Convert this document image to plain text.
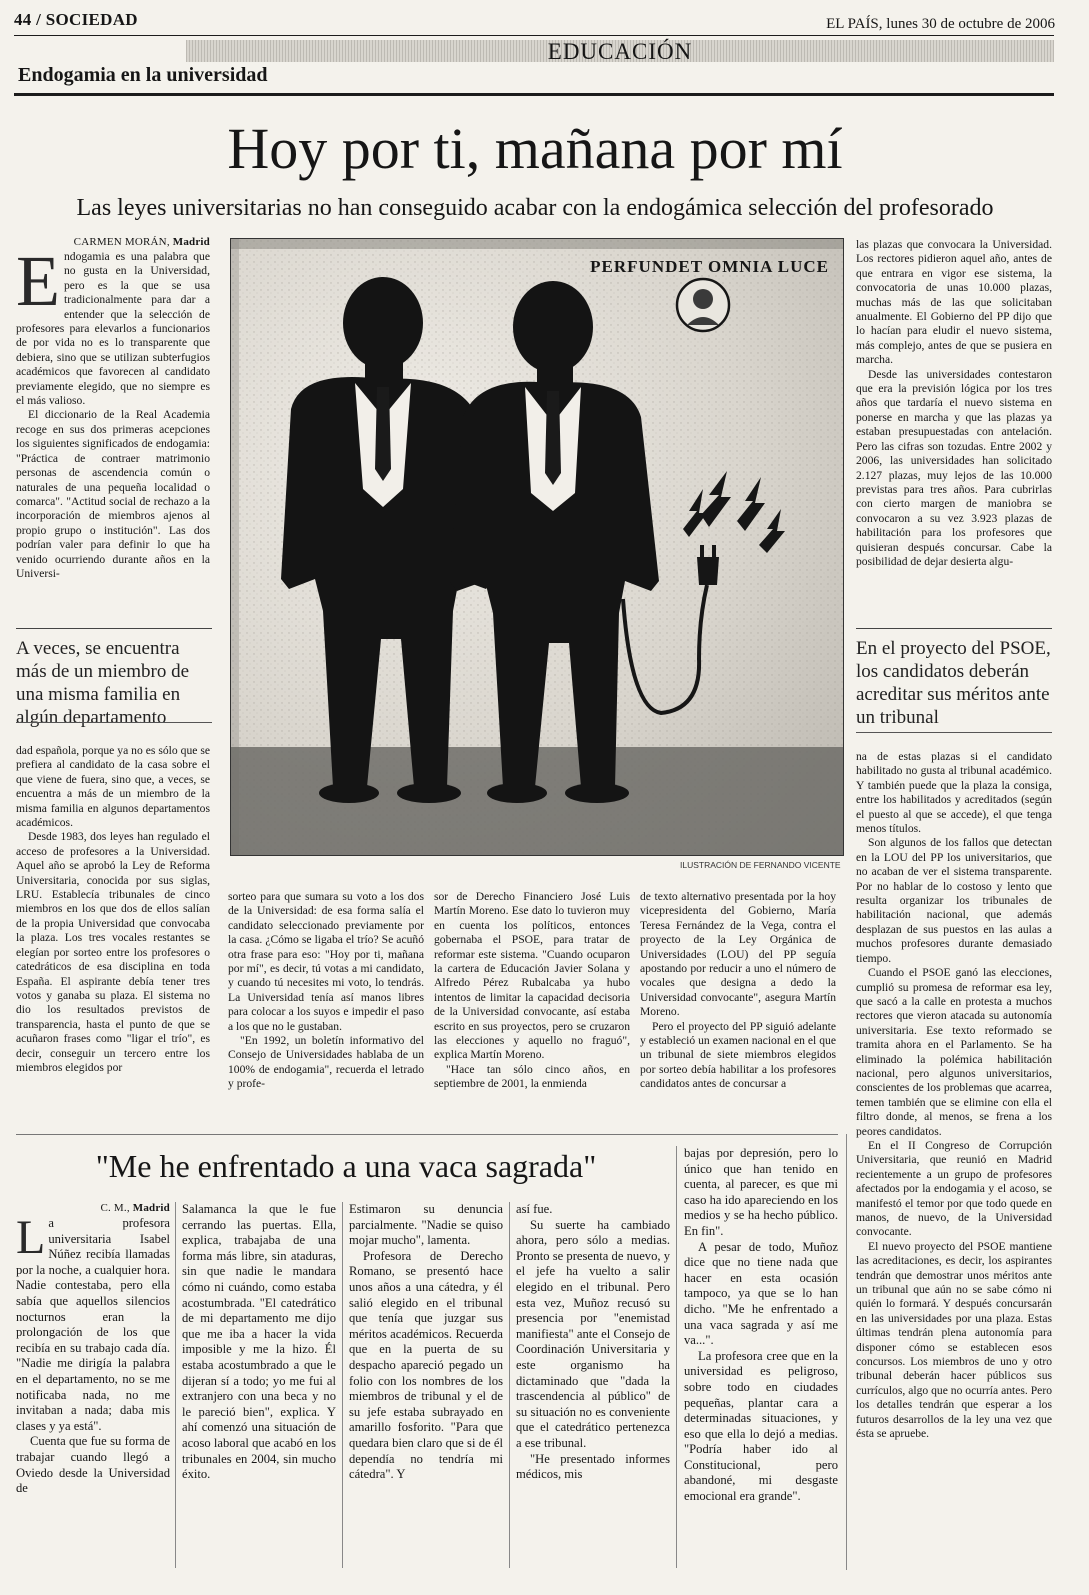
44 / SOCIEDAD	EL PAÍS, lunes 30 de octubre de 2006
EDUCACIÓN
Endogamia en la universidad
Hoy por ti, mañana por mí
Las leyes universitarias no han conseguido acabar con la endogámica selección del profesorado
CARMEN MORÁN, Madrid
E ndogamia es una palabra que no gusta en la Universidad, pero es la que se usa tradicionalmente para dar a entender que la selección de profesores para elevarlos a funcionarios de por vida no es lo transparente que debiera, sino que se utilizan subterfugios académicos que favorecen al candidato previamente elegido, que no siempre es el más valioso.

El diccionario de la Real Academia recoge en sus dos primeras acepciones los siguientes significados de endogamia: "Práctica de contraer matrimonio personas de ascendencia común o naturales de una pequeña localidad o comarca". "Actitud social de rechazo a la incorporación de miembros ajenos al propio grupo o institución". Las dos podrían valer para definir lo que ha venido ocurriendo durante años en la Universi-

A veces, se encuentra más de un miembro de una misma familia en algún departamento

dad española, porque ya no es sólo que se prefiera al candidato de la casa sobre el que viene de fuera, sino que, a veces, se encuentra a más de un miembro de la misma familia en algunos departamentos académicos.

Desde 1983, dos leyes han regulado el acceso de profesores a la Universidad. Aquel año se aprobó la Ley de Reforma Universitaria, conocida por sus siglas, LRU. Establecía tribunales de cinco miembros en los que dos de ellos salían de la propia Universidad que convocaba la plaza. Los tres vocales restantes se elegían por sorteo entre los profesores o catedráticos de esa disciplina en toda España. El aspirante debía tener tres votos y ganaba su plaza. El sistema no dio los resultados previstos de transparencia, hasta el punto de que se acuñaron frases como "ligar el trío", es decir, conseguir un tercero entre los miembros elegidos por

PERFUNDET OMNIA LUCE
ILUSTRACIÓN DE FERNANDO VICENTE

sorteo para que sumara su voto a los dos de la Universidad: de esa forma salía el candidato seleccionado previamente por la casa. ¿Cómo se ligaba el trío? Se acuñó otra frase para eso: "Hoy por ti, mañana por mí", es decir, tú votas a mi candidato, y cuando tú necesites mi voto, lo tendrás. La Universidad tenía así manos libres para colocar a los suyos e impedir el paso a los que no le gustaban.

"En 1992, un boletín informativo del Consejo de Universidades hablaba de un 100% de endogamia", recuerda el letrado y profe-

sor de Derecho Financiero José Luis Martín Moreno. Ese dato lo tuvieron muy en cuenta los políticos, entonces gobernaba el PSOE, para tratar de reformar este sistema. "Cuando ocuparon la cartera de Educación Javier Solana y Alfredo Pérez Rubalcaba ya hubo intentos de limitar la capacidad decisoria de la Universidad convocante, así estaba escrito en sus proyectos, pero se cruzaron las elecciones y aquello no fraguó", explica Martín Moreno.

"Hace tan sólo cinco años, en septiembre de 2001, la enmienda

de texto alternativo presentada por la hoy vicepresidenta del Gobierno, María Teresa Fernández de la Vega, contra el proyecto de la Ley Orgánica de Universidades (LOU) del PP seguía apostando por reducir a uno el número de vocales que designa a dedo la Universidad convocante", asegura Martín Moreno.

Pero el proyecto del PP siguió adelante y estableció un examen nacional en el que un tribunal de siete miembros elegidos por sorteo debía habilitar a los profesores candidatos antes de concursar a

las plazas que convocara la Universidad. Los rectores pidieron aquel año, antes de que entrara en vigor ese sistema, la convocatoria de unas 10.000 plazas, muchas más de las que solicitaban anualmente. El Gobierno del PP dijo que lo hacían para eludir el nuevo sistema, más complejo, antes de que se pusiera en marcha.

Desde las universidades contestaron que era la previsión lógica por los tres años que tardaría el nuevo sistema en ponerse en marcha y que las plazas ya estaban presupuestadas con antelación. Pero las cifras son tozudas. Entre 2002 y 2006, las universidades han solicitado 2.127 plazas, muy lejos de las 10.000 previstas para tres años. Para cubrirlas con cierto margen de maniobra se convocaron a su vez 3.923 plazas de habilitación para los profesores que quisieran después concursar. Cabe la posibilidad de dejar desierta algu-

En el proyecto del PSOE, los candidatos deberán acreditar sus méritos ante un tribunal

na de estas plazas si el candidato habilitado no gusta al tribunal académico. Y también puede que la plaza la consiga, entre los habilitados y acreditados (según el puesto al que se accede), el que tenga menos títulos.

Son algunos de los fallos que detectan en la LOU del PP los universitarios, que no acaban de ver el sistema transparente. Por no hablar de lo costoso y lento que resulta organizar los tribunales de habilitación nacional, que además desplazan de sus puestos en las aulas a muchos profesores durante demasiado tiempo.

Cuando el PSOE ganó las elecciones, cumplió su promesa de reformar esa ley, que sacó a la calle en protesta a muchos rectores que vieron atacada su autonomía universitaria. Ese texto reformado se tramita ahora en el Parlamento. Se ha eliminado la polémica habilitación nacional, pero algunos universitarios, conscientes de los problemas que acarrea, temen también que se elimine con ella el filtro donde, al menos, se frena a los peores candidatos.

En el II Congreso de Corrupción Universitaria, que reunió en Madrid recientemente a un grupo de profesores afectados por la endogamia y el acoso, se manifestó el temor por que todo quede en manos, de nuevo, de la Universidad convocante.

El nuevo proyecto del PSOE mantiene las acreditaciones, es decir, los aspirantes tendrán que demostrar unos méritos ante un tribunal que aún no se sabe cómo ni quién lo formará. Y después concursarán en las universidades por una plaza. Estas últimas tendrán plena autonomía para disponer cómo se establecen esos concursos. Los miembros de uno y otro tribunal deberán hacer públicos sus currículos, algo que no ocurría antes. Pero los detalles tendrán que esperar a los futuros desarrollos de la ley una vez que ésta se apruebe.

"Me he enfrentado a una vaca sagrada"
C. M., Madrid
L a profesora universitaria Isabel Núñez recibía llamadas por la noche, a cualquier hora. Nadie contestaba, pero ella sabía que aquellos silencios nocturnos eran la prolongación de los que recibía en su trabajo cada día. "Nadie me dirigía la palabra en el departamento, no se me notificaba nada, no me invitaban a nada; daba mis clases y ya está".

Cuenta que fue su forma de trabajar cuando llegó a Oviedo desde la Universidad de

Salamanca la que le fue cerrando las puertas. Ella, explica, trabajaba de una forma más libre, sin ataduras, sin que nadie le mandara cómo ni cuándo, como estaba acostumbrada. "El catedrático de mi departamento me dijo que me iba a hacer la vida imposible y me la hizo. Él estaba acostumbrado a que le dijeran sí a todo; yo me fui al extranjero con una beca y no le pareció bien", explica. Y ahí comenzó una situación de acoso laboral que acabó en los tribunales en 2004, sin mucho éxito.

Estimaron su denuncia parcialmente. "Nadie se quiso mojar mucho", lamenta.

Profesora de Derecho Romano, se presentó hace unos años a una cátedra, y él salió elegido en el tribunal que tenía que juzgar sus méritos académicos. Recuerda que en la puerta de su despacho apareció pegado un folio con los nombres de los miembros de tribunal y el de su jefe estaba subrayado en amarillo fosforito. "Para que quedara bien claro que si de él dependía no tendría mi cátedra". Y

así fue.

Su suerte ha cambiado ahora, pero sólo a medias. Pronto se presenta de nuevo, y el jefe ha vuelto a salir elegido en el tribunal. Pero esta vez, Muñoz recusó su presencia por "enemistad manifiesta" ante el Consejo de Coordinación Universitaria y este organismo ha dictaminado que "dada la trascendencia al público" de su situación no es conveniente que el catedrático pertenezca a ese tribunal.

"He presentado informes médicos, mis

bajas por depresión, pero lo único que han tenido en cuenta, al parecer, es que mi caso ha ido apareciendo en los medios y se ha hecho público. En fin".

A pesar de todo, Muñoz dice que no tiene nada que hacer en esta ocasión tampoco, ya que se lo han dicho. "Me he enfrentado a una vaca sagrada y así me va...".

La profesora cree que en la universidad es peligroso, sobre todo en ciudades pequeñas, plantar cara a determinadas situaciones, y eso que ella lo dejó a medias. "Podría haber ido al Constitucional, pero abandoné, mi desgaste emocional era grande".
